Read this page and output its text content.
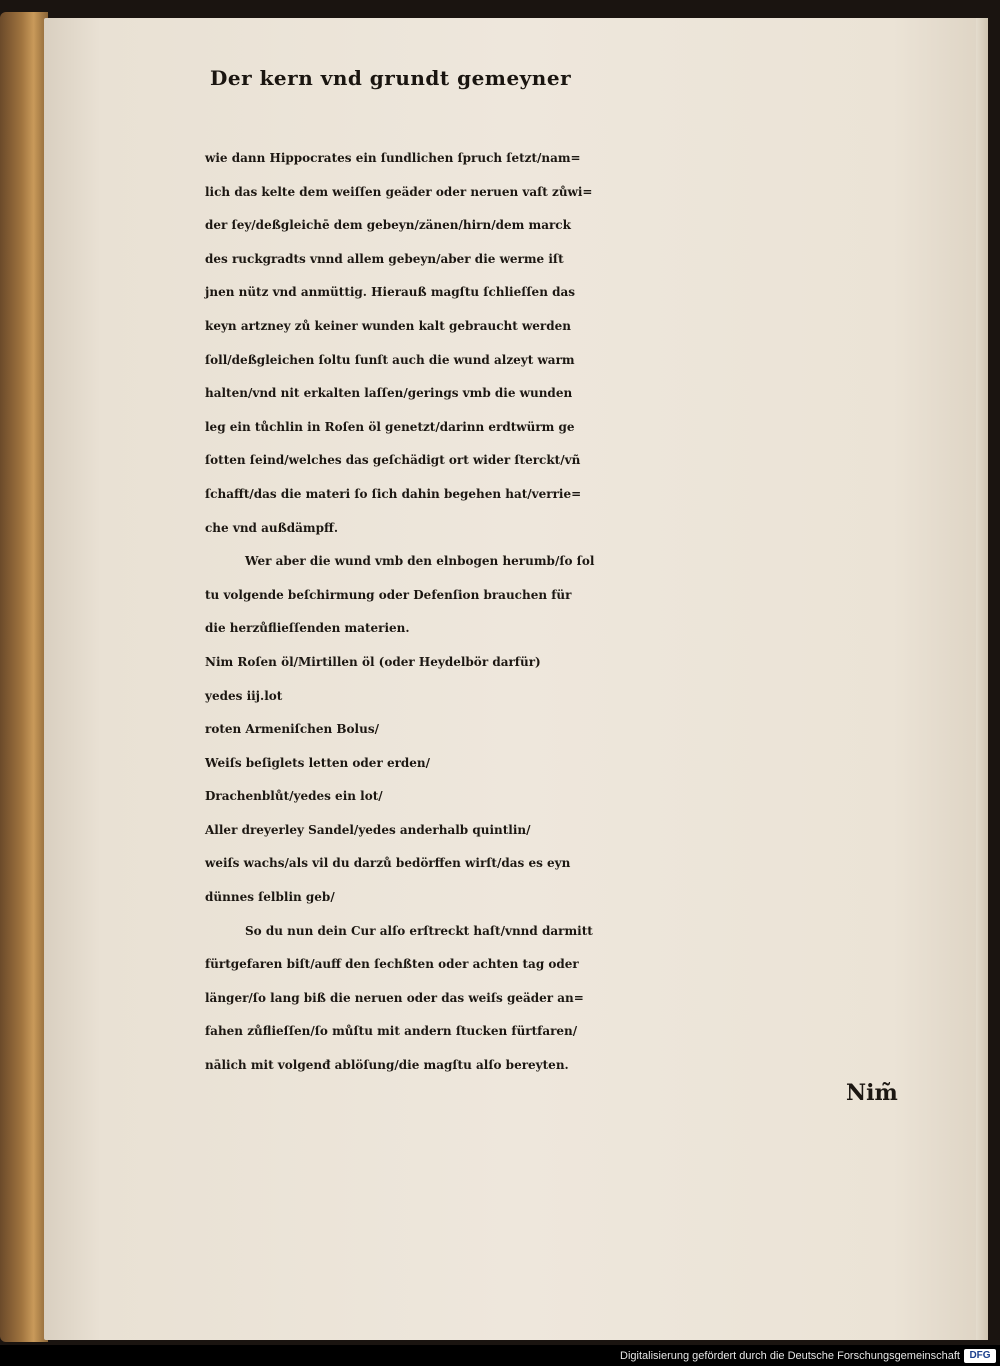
Der kern vnd grundt gemeyner
wie dann Hippocrates ein ſundlichen ſpruch ſetzt/nam=
lich das kelte dem weiſſen geäder oder neruen vaſt zůwi=
der ſey/deßgleichē dem gebeyn/zänen/hirn/dem marck
des ruckgradts vnnd allem gebeyn/aber die werme iſt
jnen nütz vnd anmüttig. Hierauß magſtu ſchlieſſen das
keyn artzney zů keiner wunden kalt gebraucht werden
ſoll/deßgleichen ſoltu ſunſt auch die wund alzeyt warm
halten/vnd nit erkalten laſſen/gerings vmb die wunden
leg ein tůchlin in Roſen öl genetzt/darinn erdtwürm ge
ſotten ſeind/welches das geſchädigt ort wider ſterckt/vñ
ſchafft/das die materi ſo ſich dahin begehen hat/verrie=
che vnd außdämpff.
Wer aber die wund vmb den elnbogen herumb/ſo ſol
tu volgende beſchirmung oder Defenſion brauchen für
die herzůflieſſenden materien.
Nim Roſen öl/Mirtillen öl (oder Heydelbör darfür)
yedes iij.lot
roten Armeniſchen Bolus/
Weiſs beſiglets letten oder erden/
Drachenblůt/yedes ein lot/
Aller dreyerley Sandel/yedes anderhalb quintlin/
weiſs wachs/als vil du darzů bedörffen wirſt/das es eyn
dünnes ſelblin geb/
So du nun dein Cur alſo erſtreckt haſt/vnnd darmitt
fürtgefaren biſt/auff den ſechßten oder achten tag oder
länger/ſo lang biß die neruen oder das weiſs geäder an=
fahen zůflieſſen/ſo můſtu mit andern ſtucken fürtfaren/
nālich mit volgenđ ablöſung/die magſtu alſo bereyten.
Nim̃
Digitalisierung gefördert durch die Deutsche Forschungsgemeinschaft DFG
